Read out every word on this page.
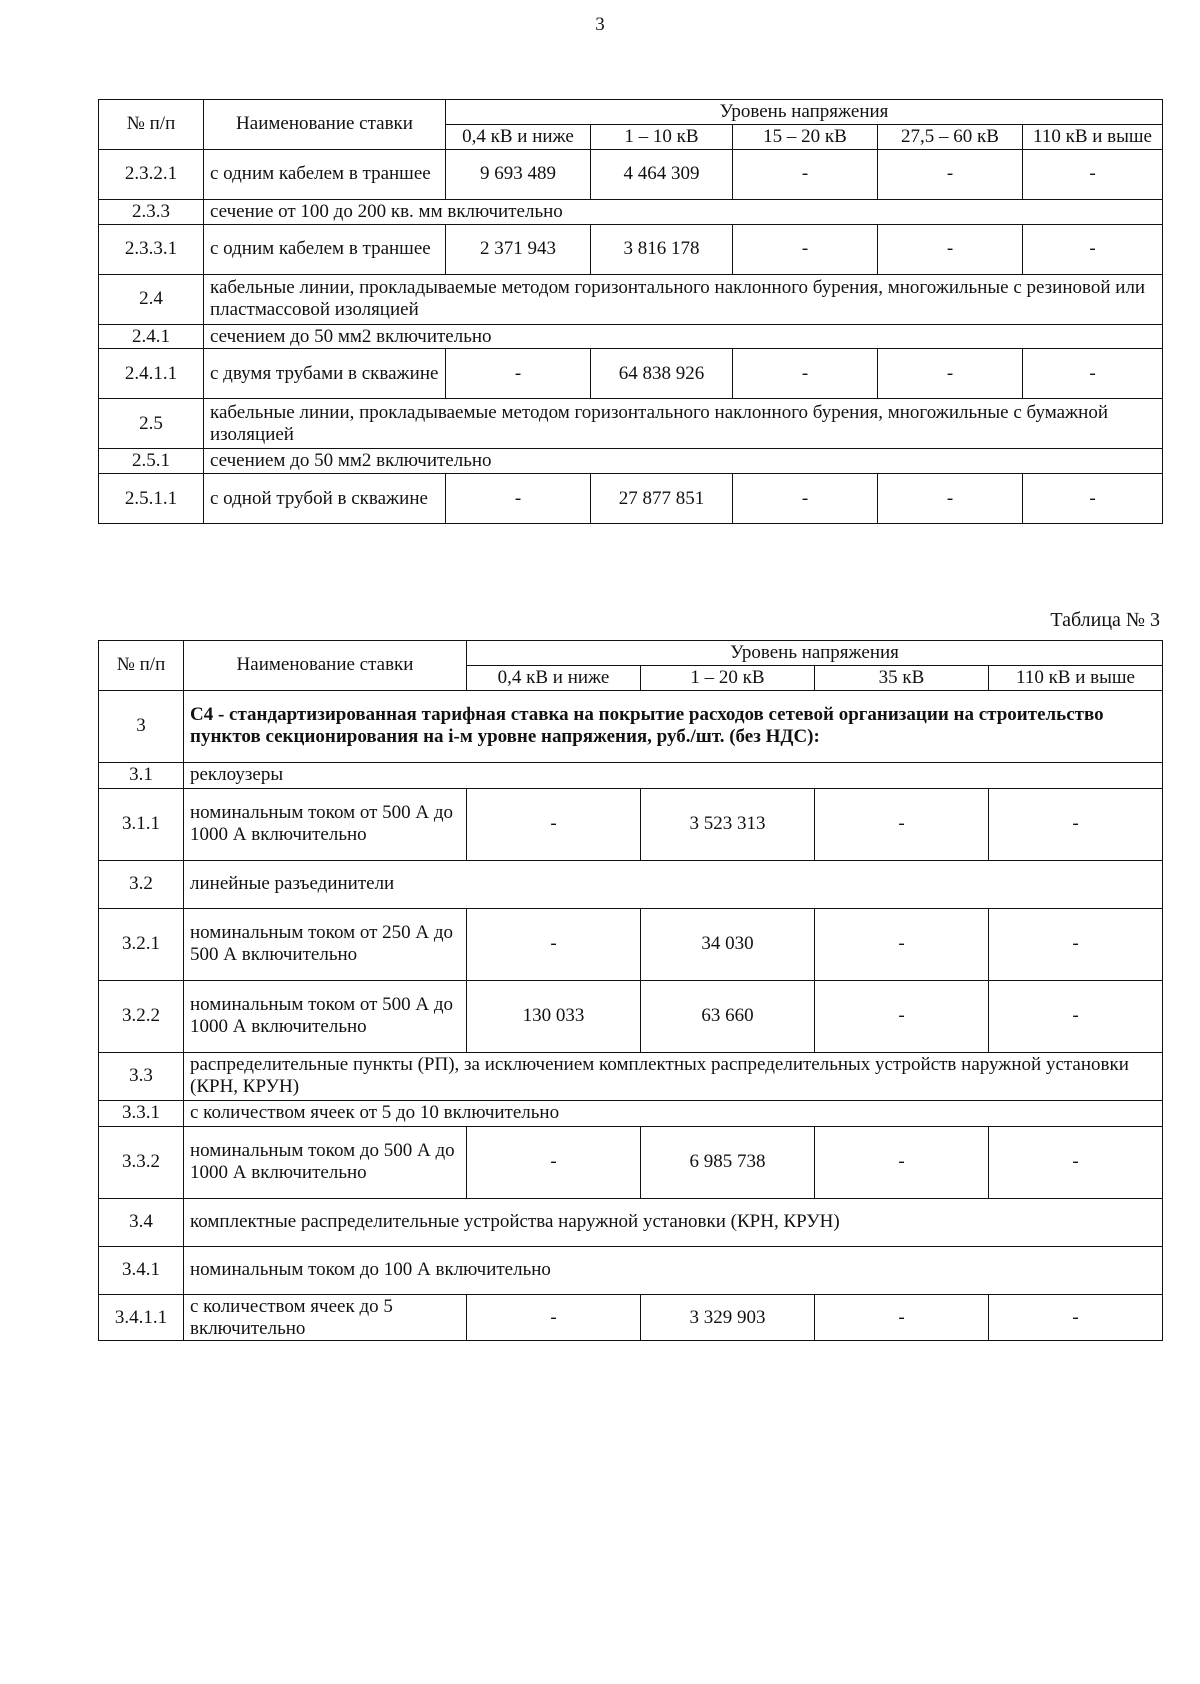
3
№ п/п	Наименование ставки	Уровень напряжения				
		0,4 кВ и ниже	1 – 10 кВ	15 – 20 кВ	27,5 – 60 кВ	110 кВ и выше
2.3.2.1	с одним кабелем в траншее	9 693 489	4 464 309	-	-	-
2.3.3	сечение от 100 до 200 кв. мм включительно					
2.3.3.1	с одним кабелем в траншее	2 371 943	3 816 178	-	-	-
2.4	кабельные линии, прокладываемые методом горизонтального наклонного бурения, многожильные с резиновой или пластмассовой изоляцией					
2.4.1	сечением до 50 мм2 включительно					
2.4.1.1	с двумя трубами в скважине	-	64 838 926	-	-	-
2.5	кабельные линии, прокладываемые методом горизонтального наклонного бурения, многожильные с бумажной изоляцией					
2.5.1	сечением до 50 мм2 включительно					
2.5.1.1	с одной трубой в скважине	-	27 877 851	-	-	-
Таблица № 3
№ п/п	Наименование ставки	Уровень напряжения			
		0,4 кВ и ниже	1 – 20 кВ	35 кВ	110 кВ и выше
3	С4 - стандартизированная тарифная ставка на покрытие расходов сетевой организации на строительство пунктов секционирования на i-м уровне напряжения, руб./шт. (без НДС):				
3.1	реклоузеры				
3.1.1	номинальным током от 500 А до 1000 А включительно	-	3 523 313	-	-
3.2	линейные разъединители				
3.2.1	номинальным током от 250 А до 500 А включительно	-	34 030	-	-
3.2.2	номинальным током от 500 А до 1000 А включительно	130 033	63 660	-	-
3.3	распределительные пункты (РП), за исключением комплектных распределительных устройств наружной установки (КРН, КРУН)				
3.3.1	с количеством ячеек от 5 до 10 включительно				
3.3.2	номинальным током до 500 А до 1000 А включительно	-	6 985 738	-	-
3.4	комплектные распределительные устройства наружной установки (КРН, КРУН)				
3.4.1	номинальным током до 100 А включительно				
3.4.1.1	с количеством ячеек до 5 включительно	-	3 329 903	-	-
